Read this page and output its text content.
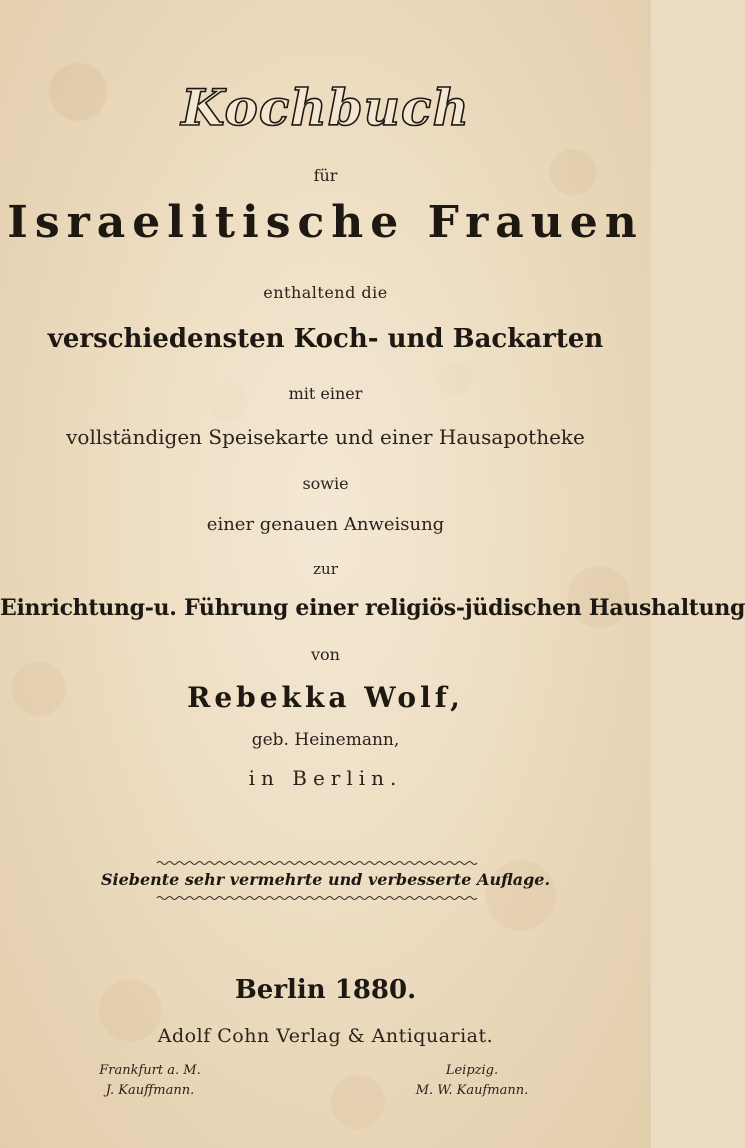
Kochbuch

für

Israelitische Frauen

enthaltend die

verschiedensten Koch- und Backarten

mit einer

vollständigen Speisekarte und einer Hausapotheke

sowie

einer genauen Anweisung

zur

Einrichtung-u. Führung einer religiös-jüdischen Haushaltung

von

Rebekka Wolf,

geb. Heinemann,

in Berlin.

Siebente sehr vermehrte und verbesserte Auflage.

Berlin 1880.

Adolf Cohn Verlag & Antiquariat.

Frankfurt a. M.
J. Kauffmann.
Leipzig.
M. W. Kaufmann.
